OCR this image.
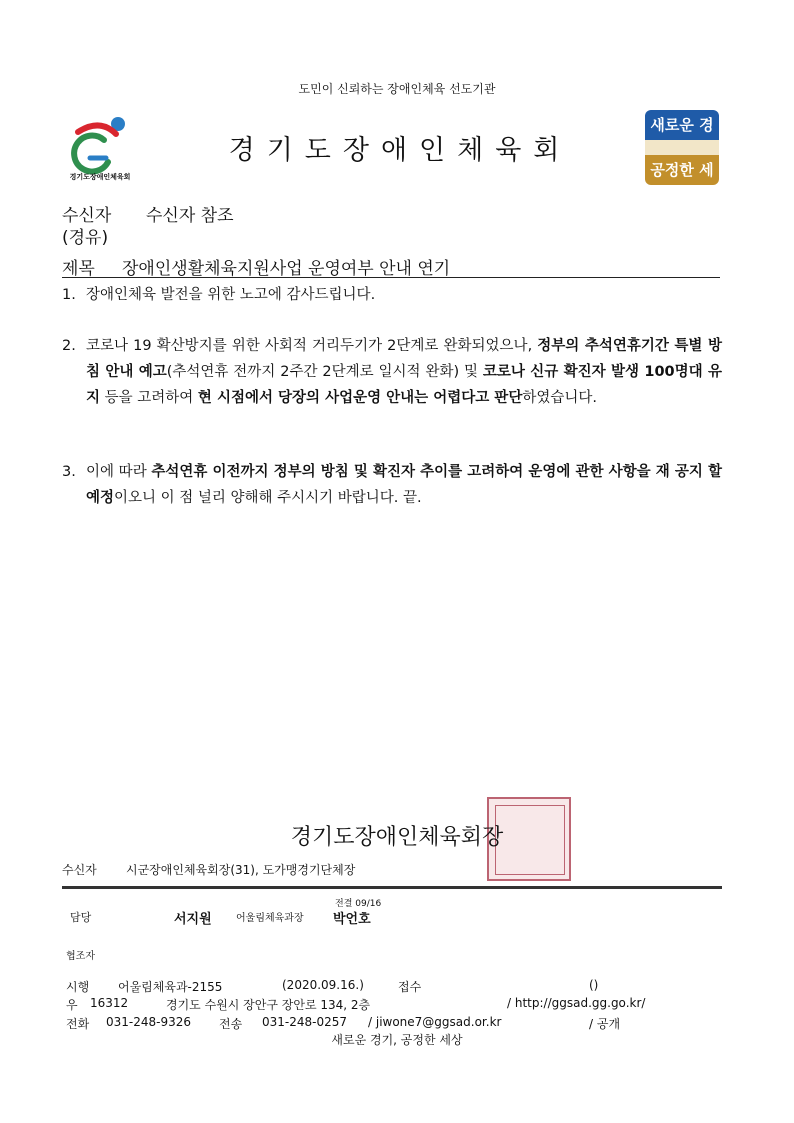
도민이 신뢰하는 장애인체육 선도기관
경기도장애인체육회
경기도장애인체육회
새로운 경
공정한 세상
수신자 수신자 참조
(경유)
제목 장애인생활체육지원사업 운영여부 안내 연기
1. 장애인체육 발전을 위한 노고에 감사드립니다.
2. 코로나 19 확산방지를 위한 사회적 거리두기가 2단계로 완화되었으나, 정부의 추석연휴기간 특별 방침 안내 예고(추석연휴 전까지 2주간 2단계로 일시적 완화) 및 코로나 신규 확진자 발생 100명대 유지 등을 고려하여 현 시점에서 당장의 사업운영 안내는 어렵다고 판단하였습니다.
3. 이에 따라 추석연휴 이전까지 정부의 방침 및 확진자 추이를 고려하여 운영에 관한 사항을 재 공지 할 예정이오니 이 점 널리 양해해 주시시기 바랍니다. 끝.
경기도장애인체육회장
수신자 시군장애인체육회장(31), 도가맹경기단체장
담당	서지원 어울림체육과장
전결 09/16
박언호
협조자
시행 어울림체육과-2155	(2020.09.16.)	접수	()
우 16312	경기도 수원시 장안구 장안로 134, 2층	/ http://ggsad.gg.go.kr/
전화 031-248-9326 전송 031-248-0257 / jiwone7@ggsad.or.kr	/ 공개
새로운 경기, 공정한 세상
